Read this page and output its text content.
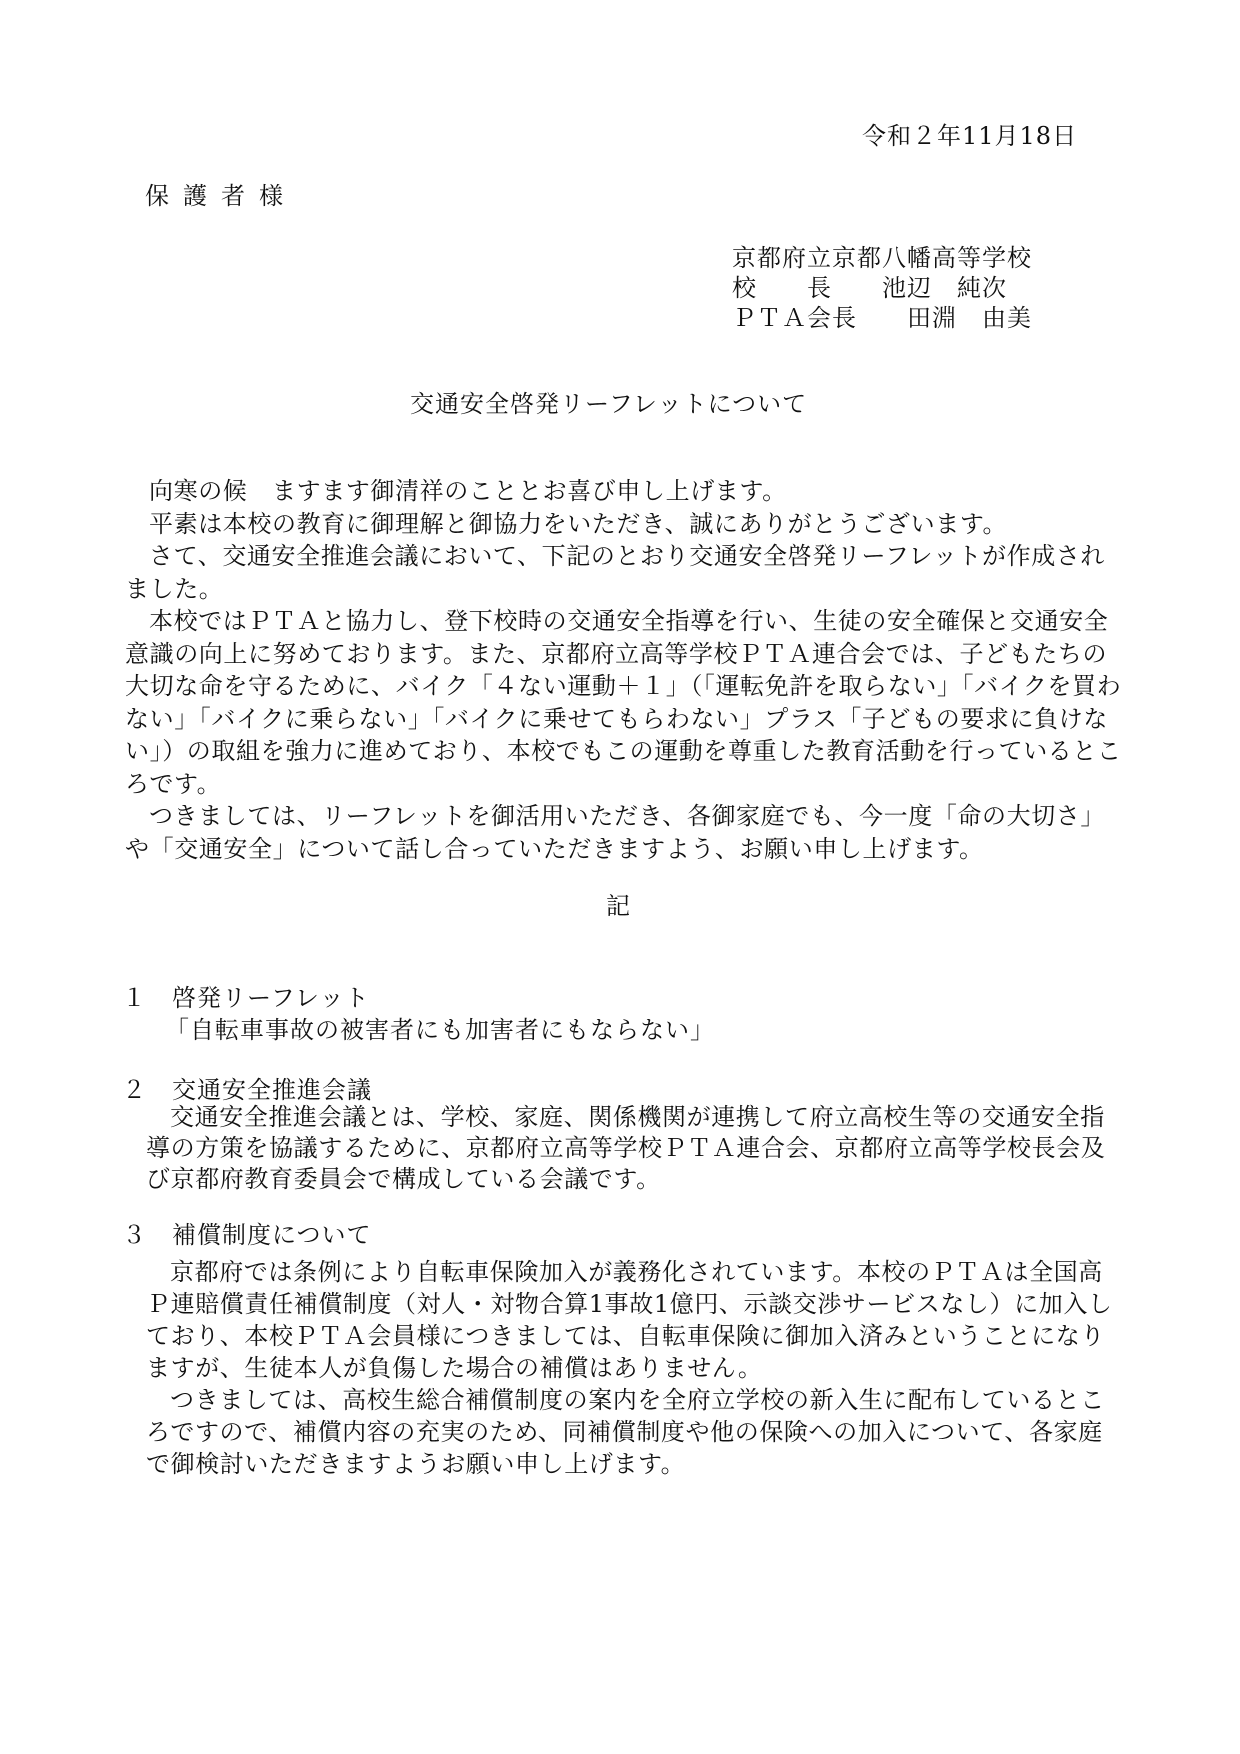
令和２年11月18日
保護者様
京都府立京都八幡高等学校
校　　長　　池辺　純次
ＰＴＡ会長　　田淵　由美
交通安全啓発リーフレットについて

向寒の候　ますます御清祥のこととお喜び申し上げます。

平素は本校の教育に御理解と御協力をいただき、誠にありがとうございます。

さて、交通安全推進会議において、下記のとおり交通安全啓発リーフレットが作成されました。

本校ではＰＴＡと協力し、登下校時の交通安全指導を行い、生徒の安全確保と交通安全意識の向上に努めております。また、京都府立高等学校ＰＴＡ連合会では、子どもたちの大切な命を守るために、バイク「４ない運動＋１」（「運転免許を取らない」「バイクを買わない」「バイクに乗らない」「バイクに乗せてもらわない」プラス「子どもの要求に負けない」）の取組を強力に進めており、本校でもこの運動を尊重した教育活動を行っているところです。

つきましては、リーフレットを御活用いただき、各御家庭でも、今一度「命の大切さ」や「交通安全」について話し合っていただきますよう、お願い申し上げます。

記
１　啓発リーフレット
「自転車事故の被害者にも加害者にもならない」
２　交通安全推進会議
交通安全推進会議とは、学校、家庭、関係機関が連携して府立高校生等の交通安全指導の方策を協議するために、京都府立高等学校ＰＴＡ連合会、京都府立高等学校長会及び京都府教育委員会で構成している会議です。
３　補償制度について

京都府では条例により自転車保険加入が義務化されています。本校のＰＴＡは全国高Ｐ連賠償責任補償制度（対人・対物合算1事故1億円、示談交渉サービスなし）に加入しており、本校ＰＴＡ会員様につきましては、自転車保険に御加入済みということになりますが、生徒本人が負傷した場合の補償はありません。

つきましては、高校生総合補償制度の案内を全府立学校の新入生に配布しているところですので、補償内容の充実のため、同補償制度や他の保険への加入について、各家庭で御検討いただきますようお願い申し上げます。
